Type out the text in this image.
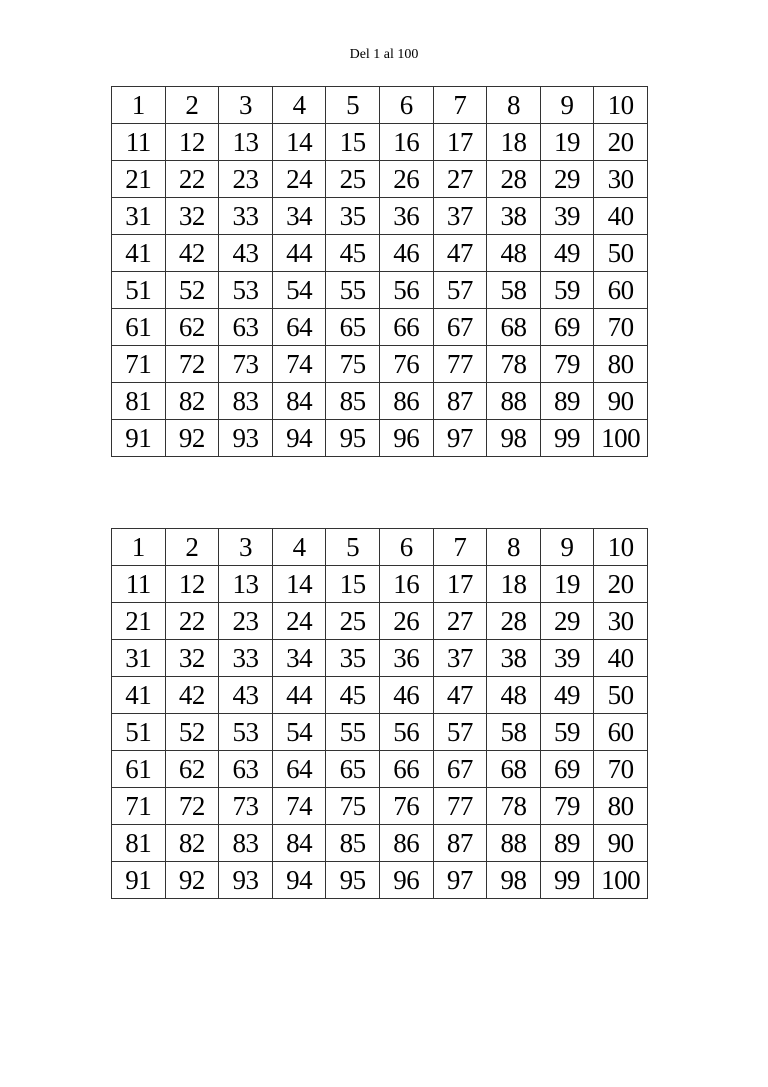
Del 1 al 100
1	2	3	4	5	6	7	8	9	10
11	12	13	14	15	16	17	18	19	20
21	22	23	24	25	26	27	28	29	30
31	32	33	34	35	36	37	38	39	40
41	42	43	44	45	46	47	48	49	50
51	52	53	54	55	56	57	58	59	60
61	62	63	64	65	66	67	68	69	70
71	72	73	74	75	76	77	78	79	80
81	82	83	84	85	86	87	88	89	90
91	92	93	94	95	96	97	98	99	100
1	2	3	4	5	6	7	8	9	10
11	12	13	14	15	16	17	18	19	20
21	22	23	24	25	26	27	28	29	30
31	32	33	34	35	36	37	38	39	40
41	42	43	44	45	46	47	48	49	50
51	52	53	54	55	56	57	58	59	60
61	62	63	64	65	66	67	68	69	70
71	72	73	74	75	76	77	78	79	80
81	82	83	84	85	86	87	88	89	90
91	92	93	94	95	96	97	98	99	100
